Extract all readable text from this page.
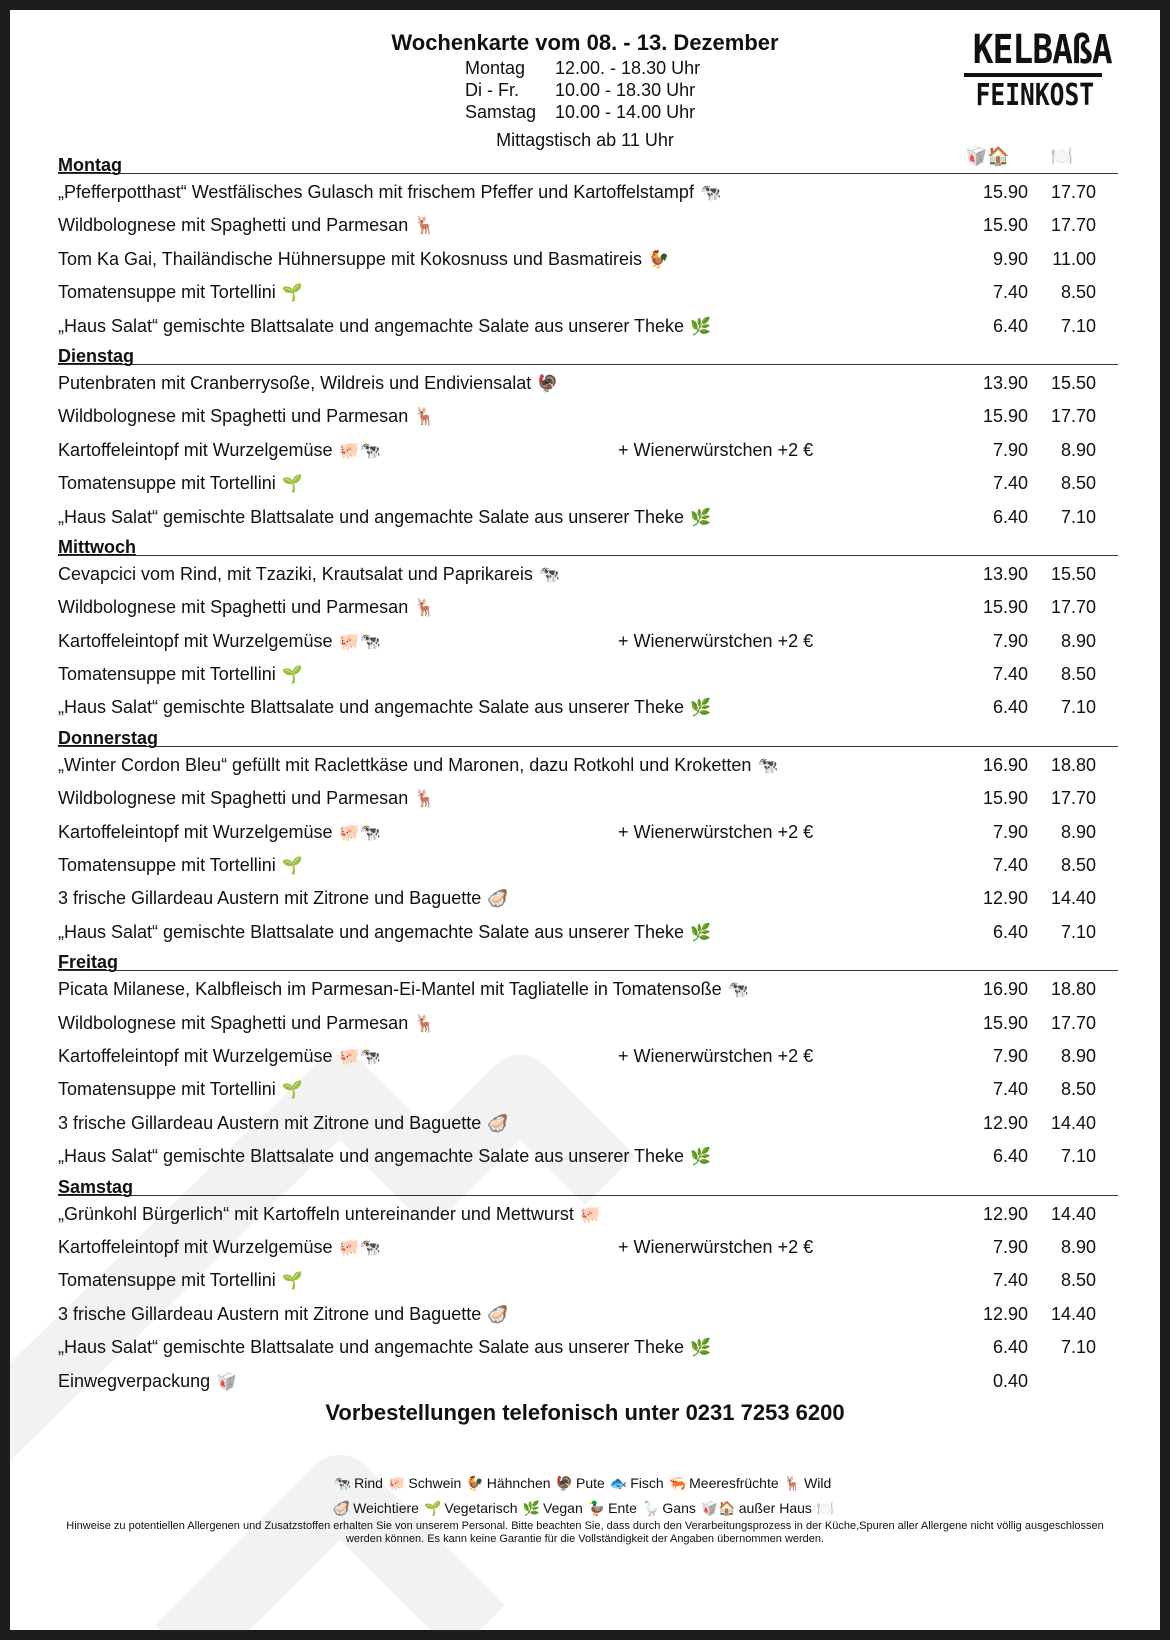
Wochenkarte vom 08. - 13. Dezember
Montag 12.00. - 18.30 Uhr
Di - Fr. 10.00 - 18.30 Uhr
Samstag 10.00 - 14.00 Uhr
Mittagstisch ab 11 Uhr
KELBAßA
FEINKOST
🥡🏠 🍽️
Montag
„Pfefferpotthast“ Westfälisches Gulasch mit frischem Pfeffer und Kartoffelstampf 🐄	15.90 17.70
Wildbolognese mit Spaghetti und Parmesan 🦌	15.90 17.70
Tom Ka Gai, Thailändische Hühnersuppe mit Kokosnuss und Basmatireis 🐓	9.90 11.00
Tomatensuppe mit Tortellini 🌱	7.40 8.50
„Haus Salat“ gemischte Blattsalate und angemachte Salate aus unserer Theke 🌿	6.40 7.10
Dienstag
Putenbraten mit Cranberrysoße, Wildreis und Endiviensalat 🦃	13.90 15.50
Wildbolognese mit Spaghetti und Parmesan 🦌	15.90 17.70
Kartoffeleintopf mit Wurzelgemüse 🐖🐄	+ Wienerwürstchen +2 €	7.90 8.90
Tomatensuppe mit Tortellini 🌱	7.40 8.50
„Haus Salat“ gemischte Blattsalate und angemachte Salate aus unserer Theke 🌿	6.40 7.10
Mittwoch
Cevapcici vom Rind, mit Tzaziki, Krautsalat und Paprikareis 🐄	13.90 15.50
Wildbolognese mit Spaghetti und Parmesan 🦌	15.90 17.70
Kartoffeleintopf mit Wurzelgemüse 🐖🐄	+ Wienerwürstchen +2 €	7.90 8.90
Tomatensuppe mit Tortellini 🌱	7.40 8.50
„Haus Salat“ gemischte Blattsalate und angemachte Salate aus unserer Theke 🌿	6.40 7.10
Donnerstag
„Winter Cordon Bleu“ gefüllt mit Raclettkäse und Maronen, dazu Rotkohl und Kroketten 🐄	16.90 18.80
Wildbolognese mit Spaghetti und Parmesan 🦌	15.90 17.70
Kartoffeleintopf mit Wurzelgemüse 🐖🐄	+ Wienerwürstchen +2 €	7.90 8.90
Tomatensuppe mit Tortellini 🌱	7.40 8.50
3 frische Gillardeau Austern mit Zitrone und Baguette 🦪	12.90 14.40
„Haus Salat“ gemischte Blattsalate und angemachte Salate aus unserer Theke 🌿	6.40 7.10
Freitag
Picata Milanese, Kalbfleisch im Parmesan-Ei-Mantel mit Tagliatelle in Tomatensoße 🐄	16.90 18.80
Wildbolognese mit Spaghetti und Parmesan 🦌	15.90 17.70
Kartoffeleintopf mit Wurzelgemüse 🐖🐄	+ Wienerwürstchen +2 €	7.90 8.90
Tomatensuppe mit Tortellini 🌱	7.40 8.50
3 frische Gillardeau Austern mit Zitrone und Baguette 🦪	12.90 14.40
„Haus Salat“ gemischte Blattsalate und angemachte Salate aus unserer Theke 🌿	6.40 7.10
Samstag
„Grünkohl Bürgerlich“ mit Kartoffeln untereinander und Mettwurst 🐖	12.90 14.40
Kartoffeleintopf mit Wurzelgemüse 🐖🐄	+ Wienerwürstchen +2 €	7.90 8.90
Tomatensuppe mit Tortellini 🌱	7.40 8.50
3 frische Gillardeau Austern mit Zitrone und Baguette 🦪	12.90 14.40
„Haus Salat“ gemischte Blattsalate und angemachte Salate aus unserer Theke 🌿	6.40 7.10
Einwegverpackung 🥡	0.40
Vorbestellungen telefonisch unter 0231 7253 6200
🐄 Rind 🐖 Schwein 🐓 Hähnchen 🦃 Pute 🐟 Fisch 🦐 Meeresfrüchte 🦌 Wild
🦪 Weichtiere 🌱 Vegetarisch 🌿 Vegan 🦆 Ente 🪿 Gans 🥡🏠 außer Haus 🍽️
Hinweise zu potentiellen Allergenen und Zusatzstoffen erhalten Sie von unserem Personal. Bitte beachten Sie, dass durch den Verarbeitungsprozess in der Küche,Spuren aller Allergene nicht völlig ausgeschlossen werden können. Es kann keine Garantie für die Vollständigkeit der Angaben übernommen werden.
